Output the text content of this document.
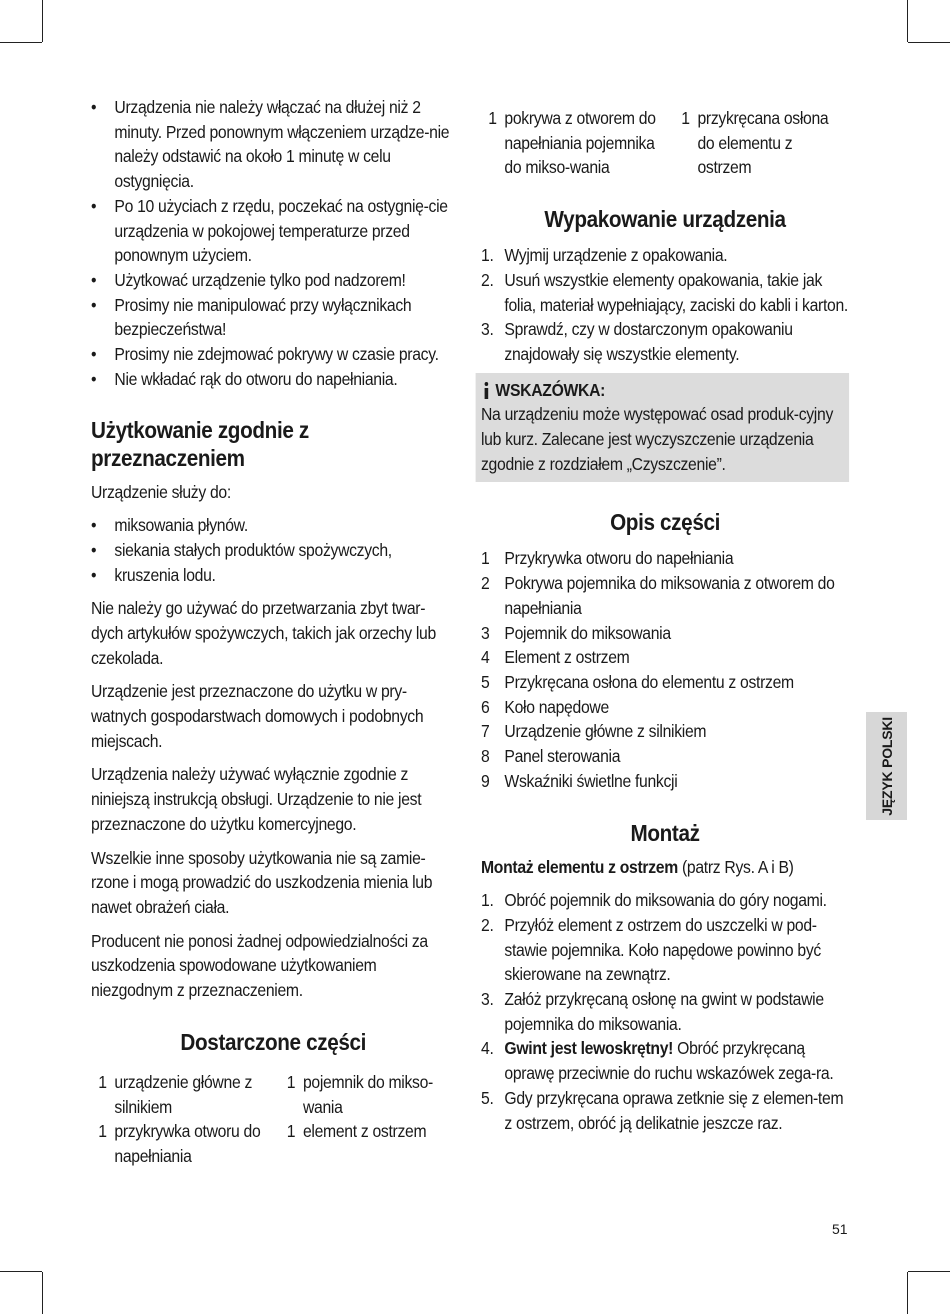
• Urządzenia nie należy włączać na dłużej niż 2 minuty. Przed ponownym włączeniem urządze-nie należy odstawić na około 1 minutę w celu ostygnięcia.
• Po 10 użyciach z rzędu, poczekać na ostygnię-cie urządzenia w pokojowej temperaturze przed ponownym użyciem.
• Użytkować urządzenie tylko pod nadzorem!
• Prosimy nie manipulować przy wyłącznikach bezpieczeństwa!
• Prosimy nie zdejmować pokrywy w czasie pracy.
• Nie wkładać rąk do otworu do napełniania.
Użytkowanie zgodnie z przeznaczeniem

Urządzenie służy do:

• miksowania płynów.
• siekania stałych produktów spożywczych,
• kruszenia lodu.

Nie należy go używać do przetwarzania zbyt twar-dych artykułów spożywczych, takich jak orzechy lub czekolada.

Urządzenie jest przeznaczone do użytku w pry-watnych gospodarstwach domowych i podobnych miejscach.

Urządzenia należy używać wyłącznie zgodnie z niniejszą instrukcją obsługi. Urządzenie to nie jest przeznaczone do użytku komercyjnego.

Wszelkie inne sposoby użytkowania nie są zamie-rzone i mogą prowadzić do uszkodzenia mienia lub nawet obrażeń ciała.

Producent nie ponosi żadnej odpowiedzialności za uszkodzenia spowodowane użytkowaniem niezgodnym z przeznaczeniem.

Dostarczone części
1 urządzenie główne z silnikiem
1 pojemnik do mikso-wania
1 przykrywka otworu do napełniania
1 element z ostrzem
1 pokrywa z otworem do napełniania pojemnika do mikso-wania
1 przykręcana osłona do elementu z ostrzem
Wypakowanie urządzenia
1. Wyjmij urządzenie z opakowania.
2. Usuń wszystkie elementy opakowania, takie jak folia, materiał wypełniający, zaciski do kabli i karton.
3. Sprawdź, czy w dostarczonym opakowaniu znajdowały się wszystkie elementy.
WSKAZÓWKA:
Na urządzeniu może występować osad produk-cyjny lub kurz. Zalecane jest wyczyszczenie urządzenia zgodnie z rozdziałem „Czyszczenie”.
Opis części
1 Przykrywka otworu do napełniania
2 Pokrywa pojemnika do miksowania z otworem do napełniania
3 Pojemnik do miksowania
4 Element z ostrzem
5 Przykręcana osłona do elementu z ostrzem
6 Koło napędowe
7 Urządzenie główne z silnikiem
8 Panel sterowania
9 Wskaźniki świetlne funkcji
Montaż

Montaż elementu z ostrzem (patrz Rys. A i B)

1. Obróć pojemnik do miksowania do góry nogami.
2. Przyłóż element z ostrzem do uszczelki w pod-stawie pojemnika. Koło napędowe powinno być skierowane na zewnątrz.
3. Załóż przykręcaną osłonę na gwint w podstawie pojemnika do miksowania.
4. Gwint jest lewoskrętny! Obróć przykręcaną oprawę przeciwnie do ruchu wskazówek zega-ra.
5. Gdy przykręcana oprawa zetknie się z elemen-tem z ostrzem, obróć ją delikatnie jeszcze raz.
JĘZYK POLSKI
51
